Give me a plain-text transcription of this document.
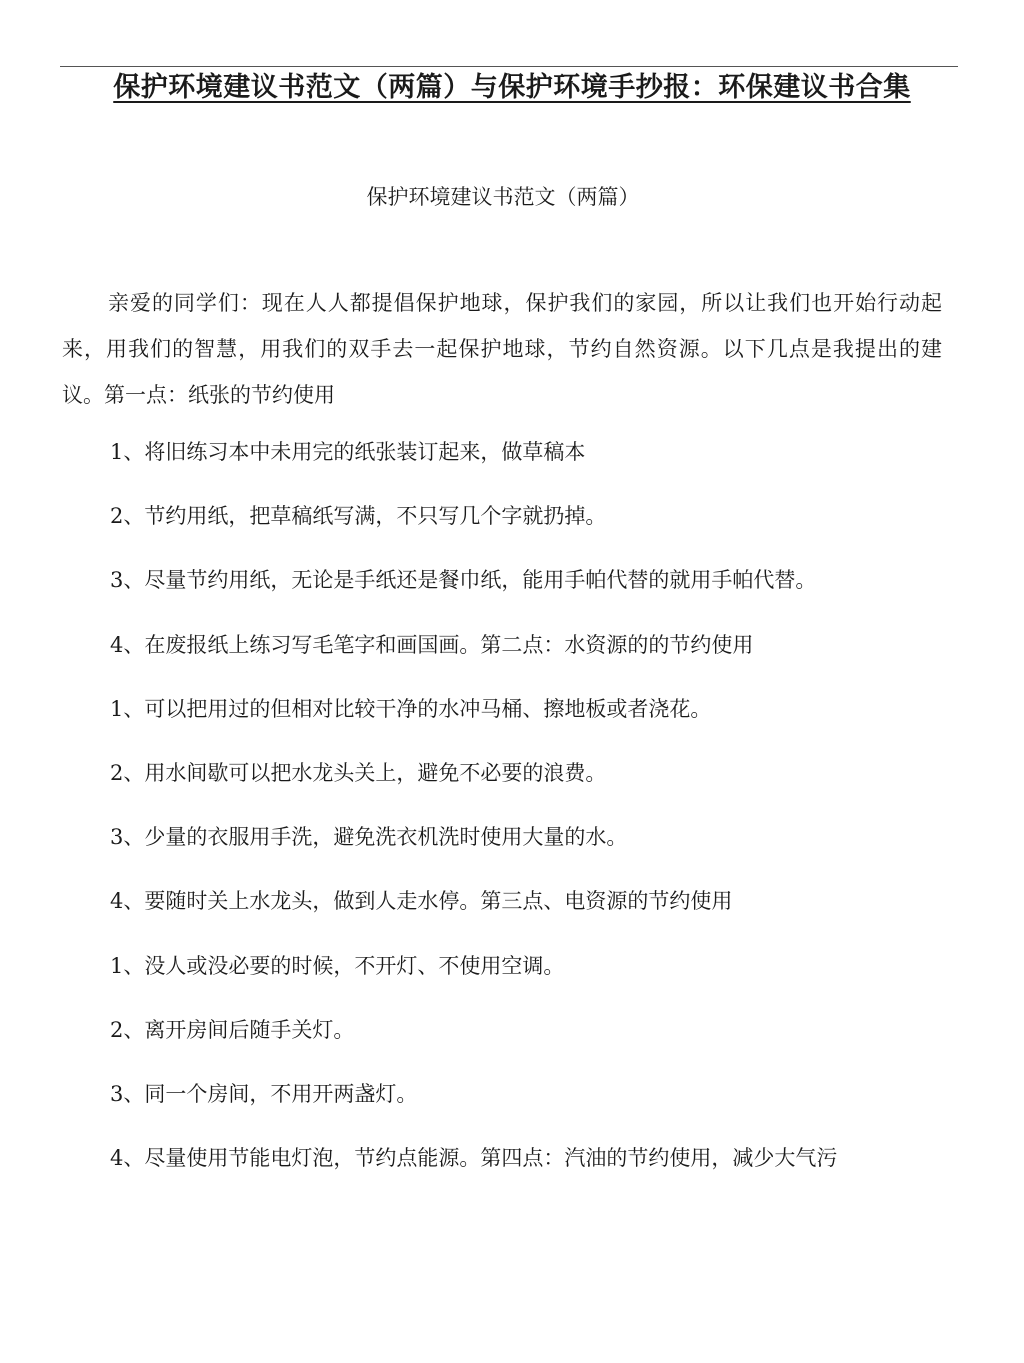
保护环境建议书范文（两篇）与保护环境手抄报：环保建议书合集
保护环境建议书范文（两篇）

亲爱的同学们：现在人人都提倡保护地球，保护我们的家园，所以让我们也开始行动起来，用我们的智慧，用我们的双手去一起保护地球，节约自然资源。以下几点是我提出的建议。第一点：纸张的节约使用

1、将旧练习本中未用完的纸张装订起来，做草稿本
2、节约用纸，把草稿纸写满，不只写几个字就扔掉。
3、尽量节约用纸，无论是手纸还是餐巾纸，能用手帕代替的就用手帕代替。
4、在废报纸上练习写毛笔字和画国画。第二点：水资源的的节约使用
1、可以把用过的但相对比较干净的水冲马桶、擦地板或者浇花。
2、用水间歇可以把水龙头关上，避免不必要的浪费。
3、少量的衣服用手洗，避免洗衣机洗时使用大量的水。
4、要随时关上水龙头，做到人走水停。第三点、电资源的节约使用
1、没人或没必要的时候，不开灯、不使用空调。
2、离开房间后随手关灯。
3、同一个房间，不用开两盏灯。
4、尽量使用节能电灯泡，节约点能源。第四点：汽油的节约使用，减少大气污
